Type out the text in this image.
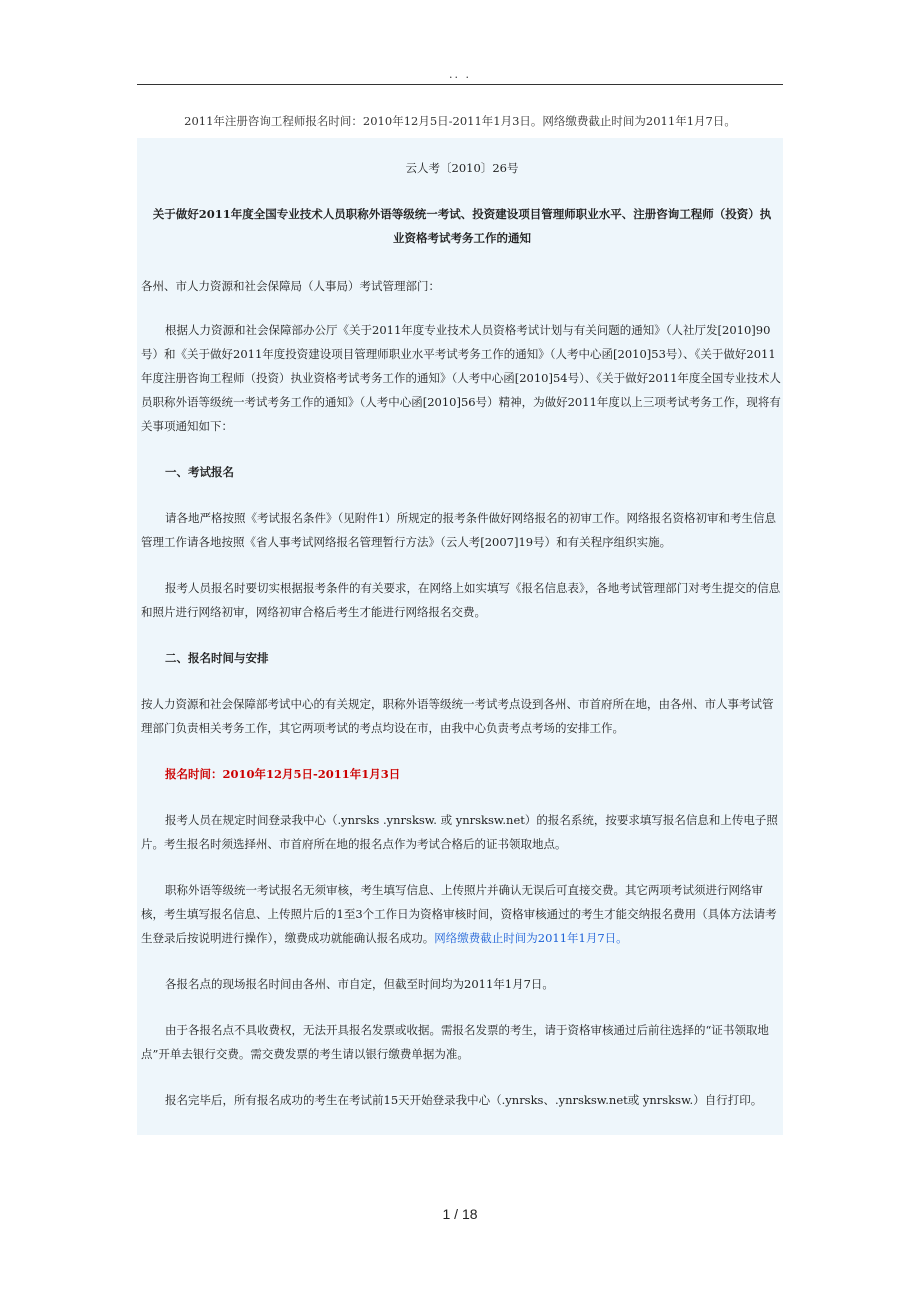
.. .
2011年注册咨询工程师报名时间：2010年12月5日-2011年1月3日。网络缴费截止时间为2011年1月7日。
云人考〔2010〕26号
关于做好2011年度全国专业技术人员职称外语等级统一考试、投资建设项目管理师职业水平、注册咨询工程师（投资）执业资格考试考务工作的通知
各州、市人力资源和社会保障局（人事局）考试管理部门：
根据人力资源和社会保障部办公厅《关于2011年度专业技术人员资格考试计划与有关问题的通知》（人社厅发[2010]90号）和《关于做好2011年度投资建设项目管理师职业水平考试考务工作的通知》（人考中心函[2010]53号）、《关于做好2011年度注册咨询工程师（投资）执业资格考试考务工作的通知》（人考中心函[2010]54号）、《关于做好2011年度全国专业技术人员职称外语等级统一考试考务工作的通知》（人考中心函[2010]56号）精神，为做好2011年度以上三项考试考务工作，现将有关事项通知如下：
一、考试报名
请各地严格按照《考试报名条件》（见附件1）所规定的报考条件做好网络报名的初审工作。网络报名资格初审和考生信息管理工作请各地按照《省人事考试网络报名管理暂行方法》（云人考[2007]19号）和有关程序组织实施。
报考人员报名时要切实根据报考条件的有关要求，在网络上如实填写《报名信息表》，各地考试管理部门对考生提交的信息和照片进行网络初审，网络初审合格后考生才能进行网络报名交费。
二、报名时间与安排
按人力资源和社会保障部考试中心的有关规定，职称外语等级统一考试考点设到各州、市首府所在地，由各州、市人事考试管理部门负责相关考务工作，其它两项考试的考点均设在市，由我中心负责考点考场的安排工作。
报名时间：2010年12月5日-2011年1月3日
报考人员在规定时间登录我中心（.ynrsks .ynrsksw. 或 ynrsksw.net）的报名系统，按要求填写报名信息和上传电子照片。考生报名时须选择州、市首府所在地的报名点作为考试合格后的证书领取地点。
职称外语等级统一考试报名无须审核，考生填写信息、上传照片并确认无误后可直接交费。其它两项考试须进行网络审核，考生填写报名信息、上传照片后的1至3个工作日为资格审核时间，资格审核通过的考生才能交纳报名费用（具体方法请考生登录后按说明进行操作），缴费成功就能确认报名成功。网络缴费截止时间为2011年1月7日。
各报名点的现场报名时间由各州、市自定，但截至时间均为2011年1月7日。
由于各报名点不具收费权，无法开具报名发票或收据。需报名发票的考生，请于资格审核通过后前往选择的“证书领取地点”开单去银行交费。需交费发票的考生请以银行缴费单据为准。
报名完毕后，所有报名成功的考生在考试前15天开始登录我中心（.ynrsks、.ynrsksw.net或 ynrsksw.）自行打印。
1 / 18
